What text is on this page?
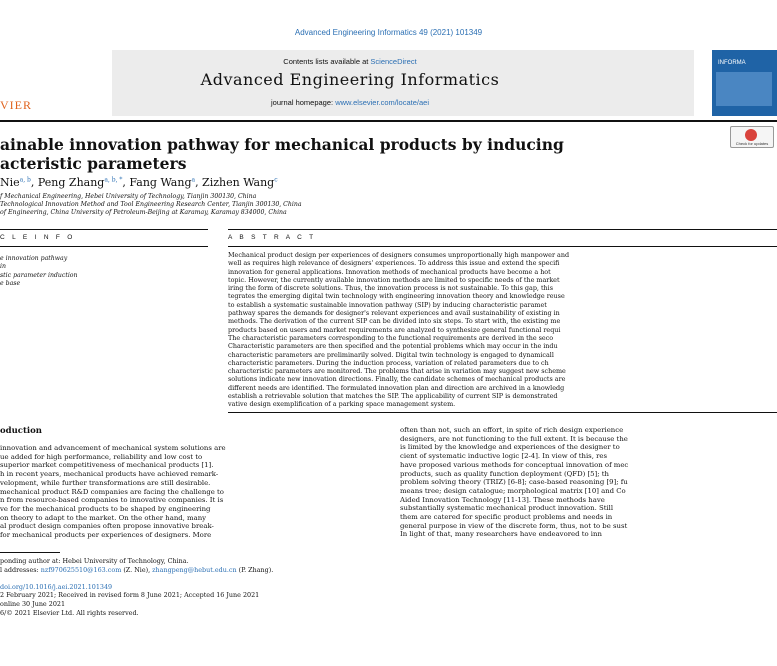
Advanced Engineering Informatics 49 (2021) 101349
Contents lists available at ScienceDirect
Advanced Engineering Informatics
journal homepage: www.elsevier.com/locate/aei
VIER
INFORMA
ainable innovation pathway for mechanical products by inducing
acteristic parameters
Check for updates
Nie$^{a, b}$, Peng Zhang$^{a, b, *}$, Fang Wang$^a$, Zizhen Wang$^c$
f Mechanical Engineering, Hebei University of Technology, Tianjin 300130, China
Technological Innovation Method and Tool Engineering Research Center, Tianjin 300130, China
of Engineering, China University of Petroleum-Beijing at Karamay, Karamay 834000, China
C L E I N F O
e innovation pathway
in
stic parameter induction
e base
A B S T R A C T
Mechanical product design per experiences of designers consumes unproportionally high manpower and
well as requires high relevance of designers' experiences. To address this issue and extend the specifi
innovation for general applications. Innovation methods of mechanical products have become a hot
topic. However, the currently available innovation methods are limited to specific needs of the market
iring the form of discrete solutions. Thus, the innovation process is not sustainable. To this gap, this
tegrates the emerging digital twin technology with engineering innovation theory and knowledge reuse
to establish a systematic sustainable innovation pathway (SIP) by inducing characteristic paramet
pathway spares the demands for designer's relevant experiences and avail sustainability of existing in
methods. The derivation of the current SIP can be divided into six steps. To start with, the existing me
products based on users and market requirements are analyzed to synthesize general functional requi
The characteristic parameters corresponding to the functional requirements are derived in the seco
Characteristic parameters are then specified and the potential problems which may occur in the indu
characteristic parameters are preliminarily solved. Digital twin technology is engaged to dynamicall
characteristic parameters. During the induction process, variation of related parameters due to ch
characteristic parameters are monitored. The problems that arise in variation may suggest new scheme
solutions indicate new innovation directions. Finally, the candidate schemes of mechanical products are
different needs are identified. The formulated innovation plan and direction are archived in a knowledg
establish a retrievable solution that matches the SIP. The applicability of current SIP is demonstrated
vative design exemplification of a parking space management system.
oduction
innovation and advancement of mechanical system solutions are
ue added for high performance, reliability and low cost to
superior market competitiveness of mechanical products [1].
h in recent years, mechanical products have achieved remark-
velopment, while further transformations are still desirable.
mechanical product R&D companies are facing the challenge to
n from resource-based companies to innovative companies. It is
ve for the mechanical products to be shaped by engineering
on theory to adapt to the market. On the other hand, many
al product design companies often propose innovative break-
for mechanical products per experiences of designers. More
often than not, such an effort, in spite of rich design experience
designers, are not functioning to the full extent. It is because the
is limited by the knowledge and experiences of the designer to
cient of systematic inductive logic [2-4]. In view of this, res
have proposed various methods for conceptual innovation of mec
products, such as quality function deployment (QFD) [5]; th
problem solving theory (TRIZ) [6-8]; case-based reasoning [9]; fu
means tree; design catalogue; morphological matrix [10] and Co
Aided Innovation Technology [11-13]. These methods have
substantially systematic mechanical product innovation. Still
them are catered for specific product problems and needs in
general purpose in view of the discrete form, thus, not to be sust
In light of that, many researchers have endeavored to inn
ponding author at: Hebei University of Technology, China.
l addresses: nzf970625510@163.com (Z. Nie), zhangpeng@hebut.edu.cn (P. Zhang).
doi.org/10.1016/j.aei.2021.101349
2 February 2021; Received in revised form 8 June 2021; Accepted 16 June 2021
online 30 June 2021
6/© 2021 Elsevier Ltd. All rights reserved.
